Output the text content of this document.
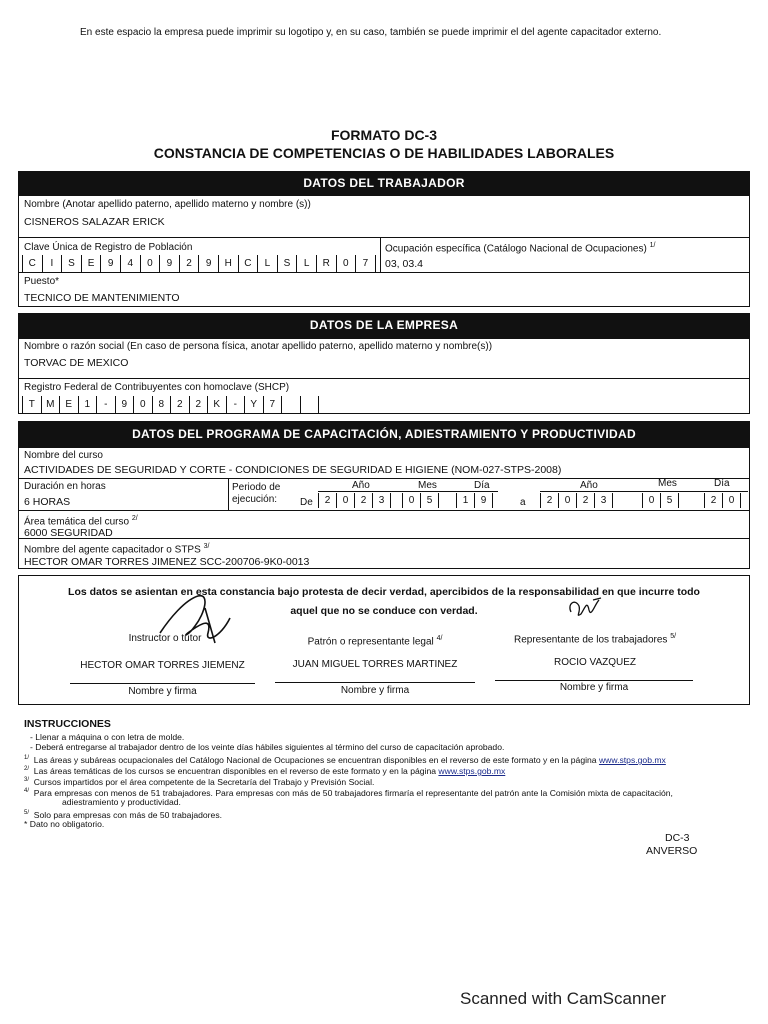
En este espacio la empresa puede imprimir su logotipo y, en su caso, también se puede imprimir el del agente capacitador externo.
FORMATO DC-3
CONSTANCIA DE COMPETENCIAS O DE HABILIDADES LABORALES
DATOS DEL TRABAJADOR
Nombre (Anotar apellido paterno, apellido materno y nombre (s))
CISNEROS SALAZAR ERICK
Clave Única de Registro de Población
C	I	S	E	9	4	0	9	2	9	H	C	L	S	L	R	0	7
Ocupación específica (Catálogo Nacional de Ocupaciones) $^{1/}$
03, 03.4
Puesto*
TECNICO DE MANTENIMIENTO
DATOS DE LA EMPRESA
Nombre o razón social (En caso de persona física, anotar apellido paterno, apellido materno y nombre(s))
TORVAC DE MEXICO
Registro Federal de Contribuyentes con homoclave (SHCP)
T	M	E	1	-	9	0	8	2	2	K	-	Y	7
DATOS DEL PROGRAMA DE CAPACITACIÓN, ADIESTRAMIENTO Y PRODUCTIVIDAD
Nombre del curso
ACTIVIDADES DE SEGURIDAD Y CORTE - CONDICIONES DE SEGURIDAD E HIGIENE (NOM-027-STPS-2008)
Duración en horas
6 HORAS
Periodo de
ejecución: De	a
Año	Mes	Día
2	0	2	3	0	5	1	9
Año	Mes	Día
2	0	2	3	0	5	2	0
Área temática del curso $^{2/}$
6000 SEGURIDAD
Nombre del agente capacitador o STPS $^{3/}$
HECTOR OMAR TORRES JIMENEZ SCC-200706-9K0-0013
Los datos se asientan en esta constancia bajo protesta de decir verdad, apercibidos de la responsabilidad en que incurre todo
aquel que no se conduce con verdad.
Instructor o tutor	Patrón o representante legal $^{4/}$	Representante de los trabajadores $^{5/}$
HECTOR OMAR TORRES JIEMENZ	JUAN MIGUEL TORRES MARTINEZ	ROCIO VAZQUEZ
Nombre y firma	Nombre y firma	Nombre y firma
INSTRUCCIONES
- Llenar a máquina o con letra de molde.
- Deberá entregarse al trabajador dentro de los veinte días hábiles siguientes al término del curso de capacitación aprobado.
$^{1/}$ Las áreas y subáreas ocupacionales del Catálogo Nacional de Ocupaciones se encuentran disponibles en el reverso de este formato y en la página www.stps.gob.mx
$^{2/}$ Las áreas temáticas de los cursos se encuentran disponibles en el reverso de este formato y en la página www.stps.gob.mx
$^{3/}$ Cursos impartidos por el área competente de la Secretaría del Trabajo y Previsión Social.
$^{4/}$ Para empresas con menos de 51 trabajadores. Para empresas con más de 50 trabajadores firmaría el representante del patrón ante la Comisión mixta de capacitación,
adiestramiento y productividad.
$^{5/}$ Solo para empresas con más de 50 trabajadores.
* Dato no obligatorio.
DC-3
ANVERSO
Scanned with CamScanner
